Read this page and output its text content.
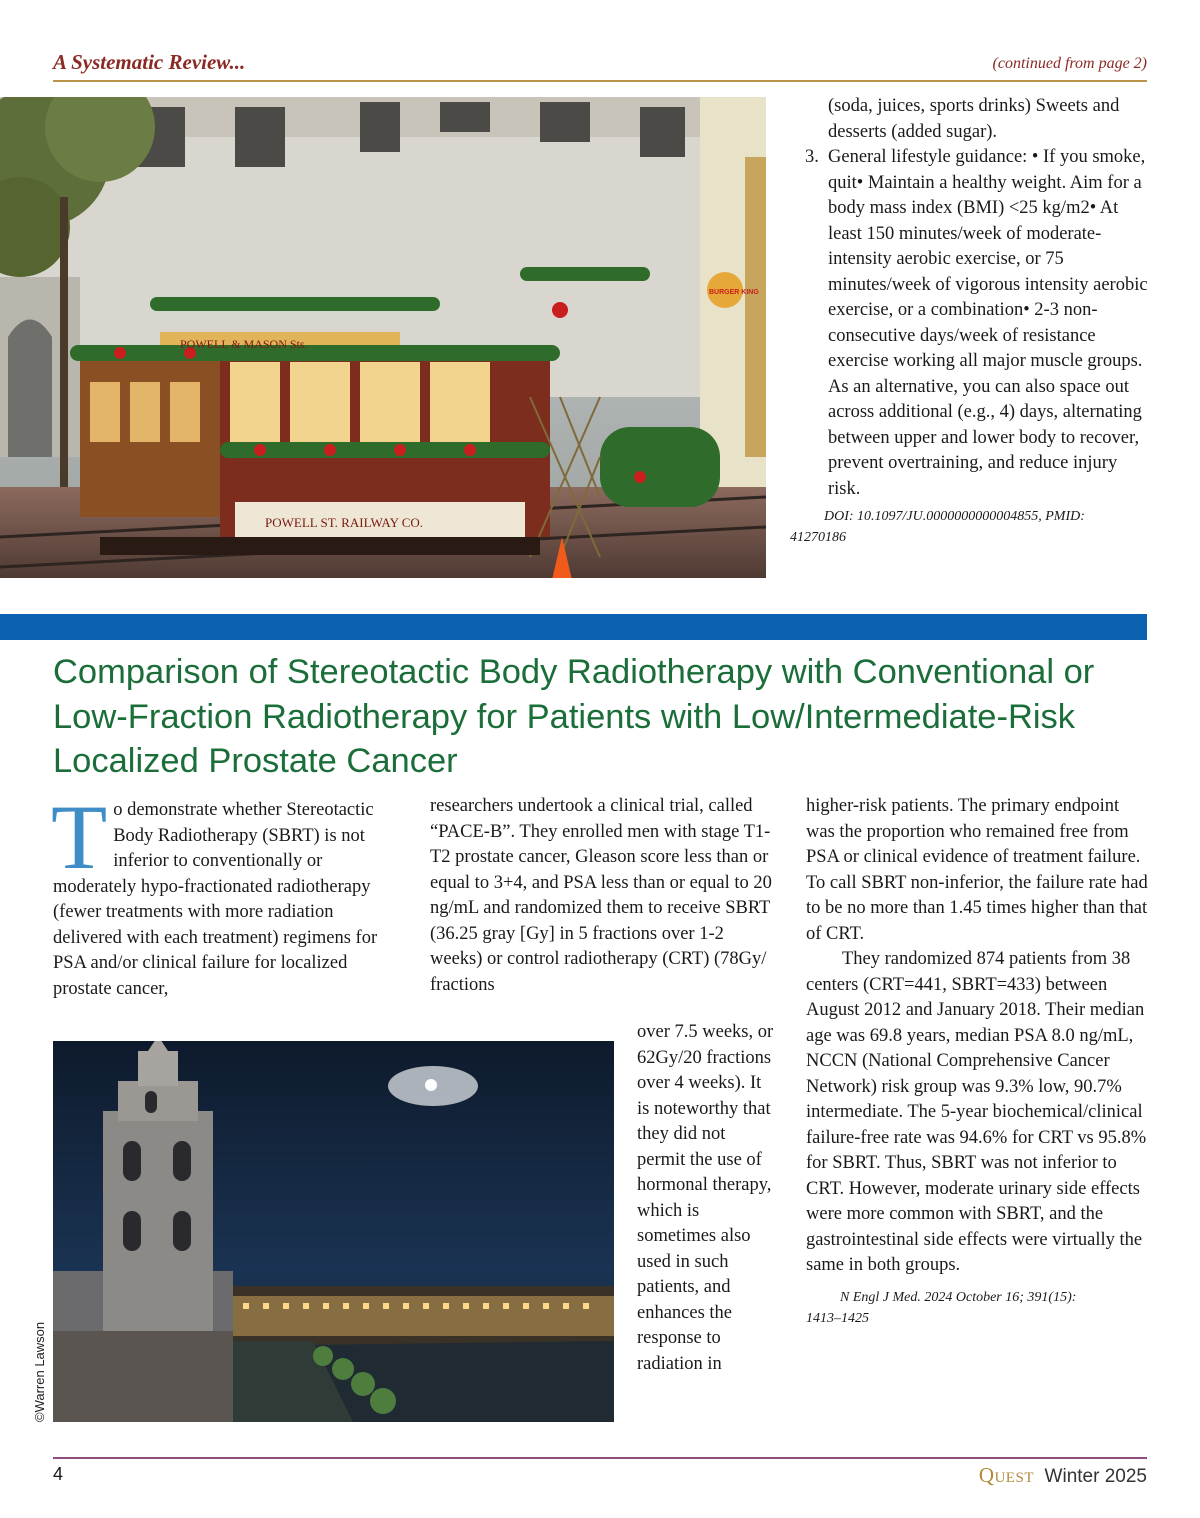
A Systematic Review...	(continued from page 2)
POWELL & MASON Sts.
POWELL ST. RAILWAY CO.
BURGER KING
(soda, juices, sports drinks) Sweets and desserts (added sugar).
3. General lifestyle guidance: • If you smoke, quit• Maintain a healthy weight. Aim for a body mass index (BMI) <25 kg/m2• At least 150 minutes/week of moderate-intensity aerobic exercise, or 75 minutes/week of vigorous intensity aerobic exercise, or a combination• 2-3 non-consecutive days/week of resistance exercise working all major muscle groups. As an alternative, you can also space out across additional (e.g., 4) days, alternating between upper and lower body to recover, prevent overtraining, and reduce injury risk.
DOI: 10.1097/JU.0000000000004855, PMID:
41270186
Comparison of Stereotactic Body Radiotherapy with Conventional or Low-Fraction Radiotherapy for Patients with Low/Intermediate-Risk Localized Prostate Cancer
To demonstrate whether Stereotactic Body Radiotherapy (SBRT) is not inferior to conventionally or moderately hypo-fractionated radiotherapy (fewer treatments with more radiation delivered with each treatment) regimens for PSA and/or clinical failure for localized prostate cancer,
researchers undertook a clinical trial, called “PACE-B”. They enrolled men with stage T1-T2 prostate cancer, Gleason score less than or equal to 3+4, and PSA less than or equal to 20 ng/mL and randomized them to receive SBRT (36.25 gray [Gy] in 5 fractions over 1-2 weeks) or control radiotherapy (CRT) (78Gy/ fractions
over 7.5 weeks, or 62Gy/20 fractions over 4 weeks). It is noteworthy that they did not permit the use of hormonal therapy, which is sometimes also used in such patients, and enhances the response to radiation in

higher-risk patients. The primary endpoint was the proportion who remained free from PSA or clinical evidence of treatment failure. To call SBRT non-inferior, the failure rate had to be no more than 1.45 times higher than that of CRT.

They randomized 874 patients from 38 centers (CRT=441, SBRT=433) between August 2012 and January 2018. Their median age was 69.8 years, median PSA 8.0 ng/mL, NCCN (National Comprehensive Cancer Network) risk group was 9.3% low, 90.7% intermediate. The 5-year biochemical/clinical failure-free rate was 94.6% for CRT vs 95.8% for SBRT. Thus, SBRT was not inferior to CRT. However, moderate urinary side effects were more common with SBRT, and the gastrointestinal side effects were virtually the same in both groups.

N Engl J Med. 2024 October 16; 391(15):
1413–1425
©Warren Lawson
4	Quest Winter 2025
